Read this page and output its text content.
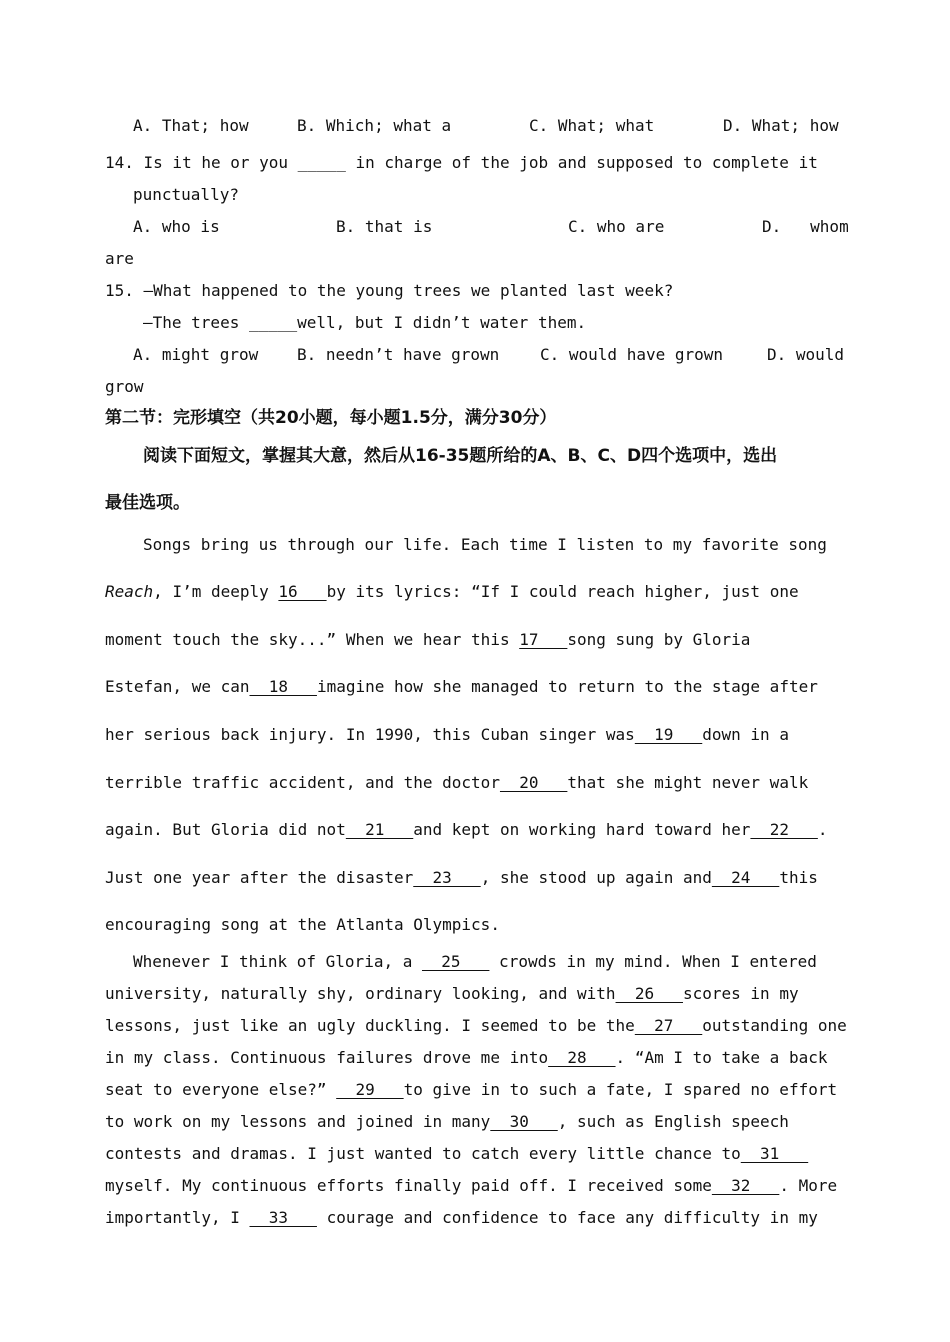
A. That; how	B. Which; what a	C. What; what	D. What; how
14. Is it he or you _____ in charge of the job and supposed to complete it
punctually?
A. who is	B. that is	C. who are	D.   whom
are
15. —What happened to the young trees we planted last week?
—The trees _____well, but I didn’t water them.
A. might grow B. needn’t have grown	C. would have grown	D. would
grow
第二节：完形填空（共20小题，每小题1.5分，满分30分）
阅读下面短文，掌握其大意，然后从16-35题所给的A、B、C、D四个选项中，选出
最佳选项。
Songs bring us through our life. Each time I listen to my favorite song
Reach, I’m deeply 16   by its lyrics: “If I could reach higher, just one
moment touch the sky...” When we hear this 17   song sung by Gloria
Estefan, we can  18   imagine how she managed to return to the stage after
her serious back injury. In 1990, this Cuban singer was  19   down in a
terrible traffic accident, and the doctor  20   that she might never walk
again. But Gloria did not  21   and kept on working hard toward her  22   .
Just one year after the disaster  23   , she stood up again and  24   this
encouraging song at the Atlanta Olympics.
Whenever I think of Gloria, a   25    crowds in my mind. When I entered
university, naturally shy, ordinary looking, and with  26   scores in my
lessons, just like an ugly duckling. I seemed to be the  27   outstanding one
in my class. Continuous failures drove me into  28   . “Am I to take a back
seat to everyone else?”   29   to give in to such a fate, I spared no effort
to work on my lessons and joined in many  30   , such as English speech
contests and dramas. I just wanted to catch every little chance to  31
myself. My continuous efforts finally paid off. I received some  32   . More
importantly, I   33    courage and confidence to face any difficulty in my
